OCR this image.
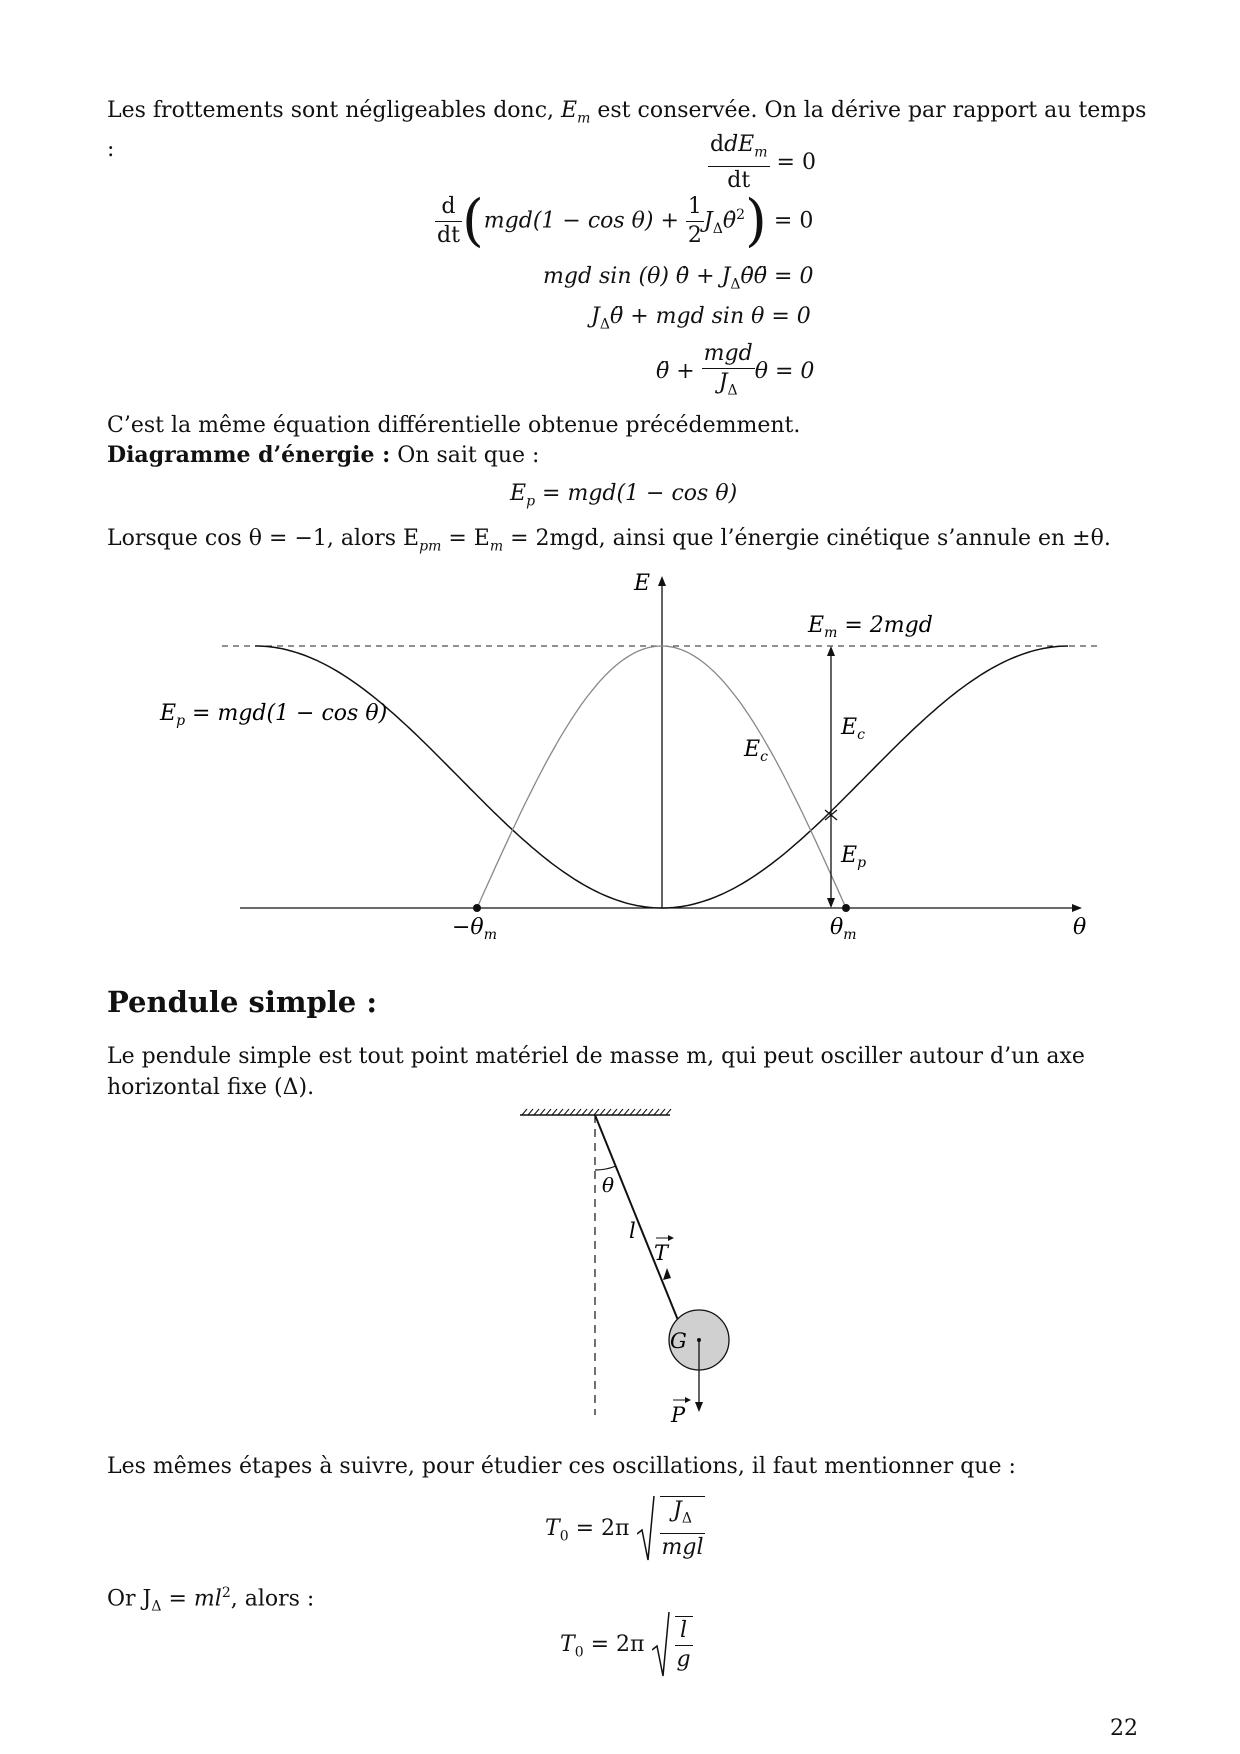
Les frottements sont négligeables donc, $E_m$ est conservée. On la dérive par rapport au temps :	$\frac{ddE_m}{dt} = 0$
$\frac{d}{dt} (mgd(1 - \cos \theta) + \frac{1}{2}$ $J_\Delta\thetȧ^2) = 0$
mgd sin (θ) θ̇ + $J_\Delta\thetȧ\thetä = 0$
$J_\Delta\thetä$ + mgd sin θ = 0
θ̈ + $\frac{\text{mgd}}{J_\Delta}$ θ = 0
C’est la même équation différentielle obtenue précédemment.
Diagramme d’énergie : On sait que :
$E_p = mgd(1 - \cos \theta)$
Lorsque cos θ = −1, alors $E_{pm} = E_m = 2mgd$, ainsi que l’énergie cinétique s’annule en ±θ.
E
θ
$E_m = 2mgd$
$E_p = mgd(1 - \cos \theta)$
$E_c$
$E_c$
$E_p$
$-\theta_m$	$\theta_m$
Pendule simple :
Le pendule simple est tout point matériel de masse m, qui peut osciller autour d’un axe horizontal fixe (Δ).
θ
l
T
G
P
Les mêmes étapes à suivre, pour étudier ces oscillations, il faut mentionner que :
$T_0 = 2\pi \frac{J_\Delta}{\text{mgl}}$
Or $J_\Delta = ml^2$, alors :
$T_0 = 2\pi \frac{l}{g}$
22
